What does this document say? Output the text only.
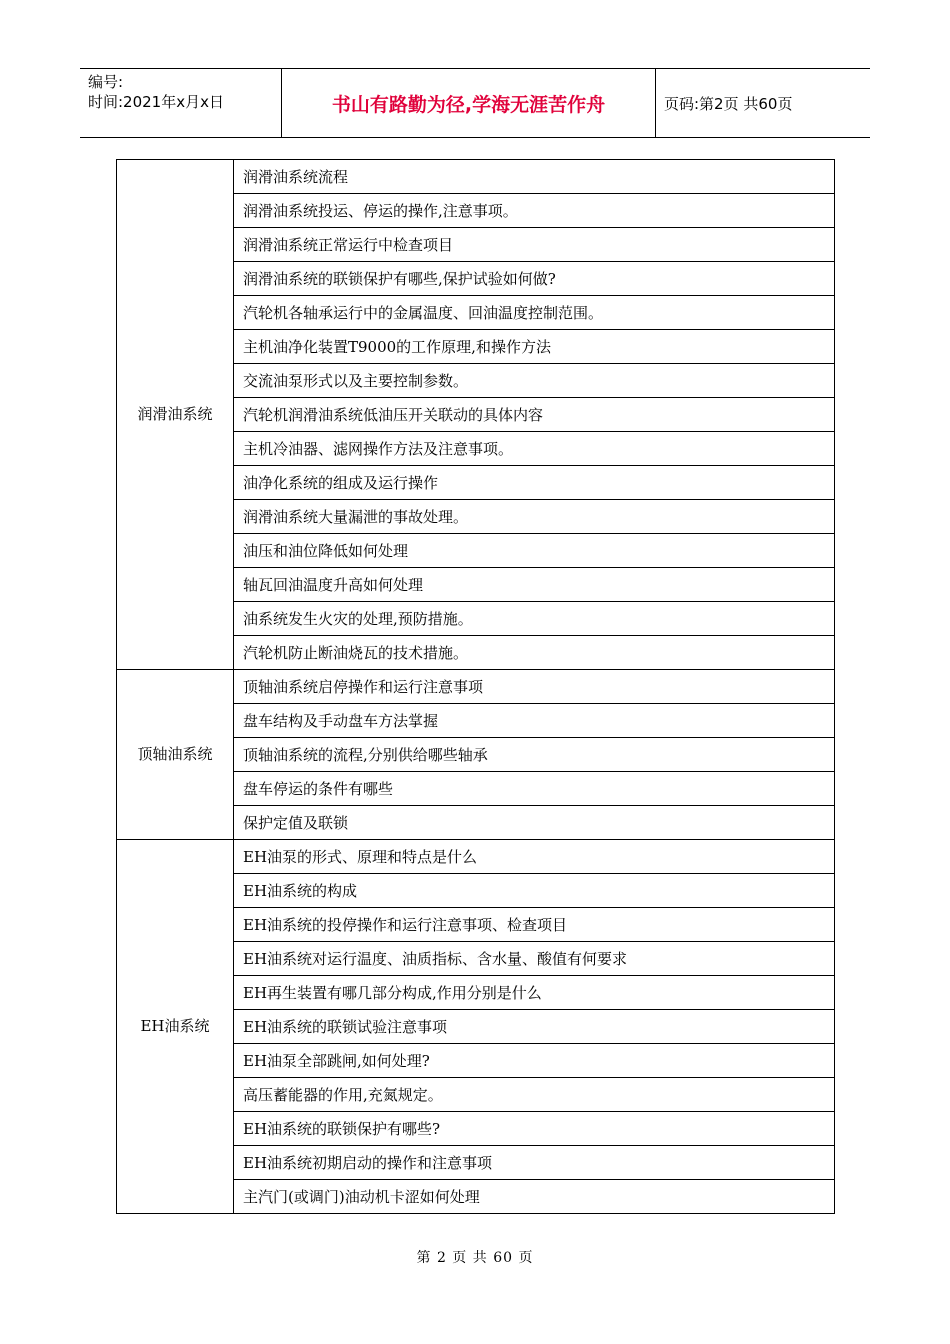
编号:
时间:2021年x月x日	书山有路勤为径,学海无涯苦作舟	页码:第2页 共60页
润滑油系统	润滑油系统流程
	润滑油系统投运、停运的操作,注意事项。
	润滑油系统正常运行中检查项目
	润滑油系统的联锁保护有哪些,保护试验如何做?
	汽轮机各轴承运行中的金属温度、回油温度控制范围。
	主机油净化装置T9000的工作原理,和操作方法
	交流油泵形式以及主要控制参数。
	汽轮机润滑油系统低油压开关联动的具体内容
	主机冷油器、滤网操作方法及注意事项。
	油净化系统的组成及运行操作
	润滑油系统大量漏泄的事故处理。
	油压和油位降低如何处理
	轴瓦回油温度升高如何处理
	油系统发生火灾的处理,预防措施。
	汽轮机防止断油烧瓦的技术措施。
顶轴油系统	顶轴油系统启停操作和运行注意事项
	盘车结构及手动盘车方法掌握
	顶轴油系统的流程,分别供给哪些轴承
	盘车停运的条件有哪些
	保护定值及联锁
EH油系统	EH油泵的形式、原理和特点是什么
	EH油系统的构成
	EH油系统的投停操作和运行注意事项、检查项目
	EH油系统对运行温度、油质指标、含水量、酸值有何要求
	EH再生装置有哪几部分构成,作用分别是什么
	EH油系统的联锁试验注意事项
	EH油泵全部跳闸,如何处理?
	高压蓄能器的作用,充氮规定。
	EH油系统的联锁保护有哪些?
	EH油系统初期启动的操作和注意事项
	主汽门(或调门)油动机卡涩如何处理
第 2 页 共 60 页
